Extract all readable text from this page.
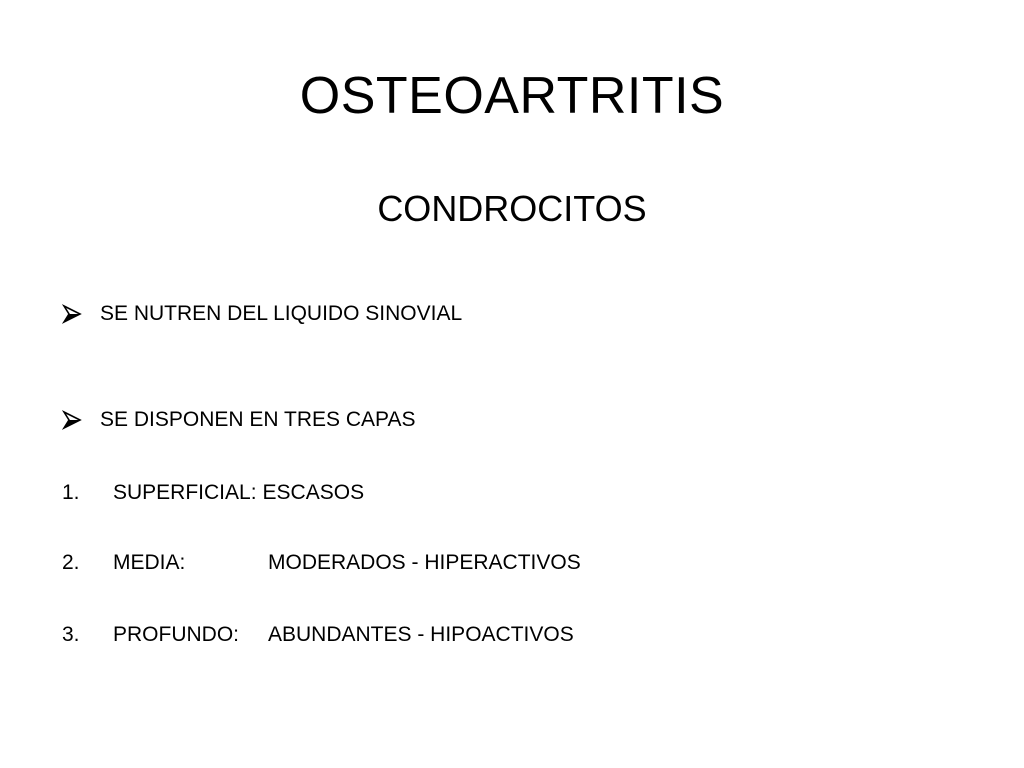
OSTEOARTRITIS
CONDROCITOS
SE NUTREN DEL LIQUIDO SINOVIAL
SE DISPONEN EN TRES CAPAS
1. SUPERFICIAL: ESCASOS
2. MEDIA:	MODERADOS - HIPERACTIVOS
3. PROFUNDO: ABUNDANTES - HIPOACTIVOS
